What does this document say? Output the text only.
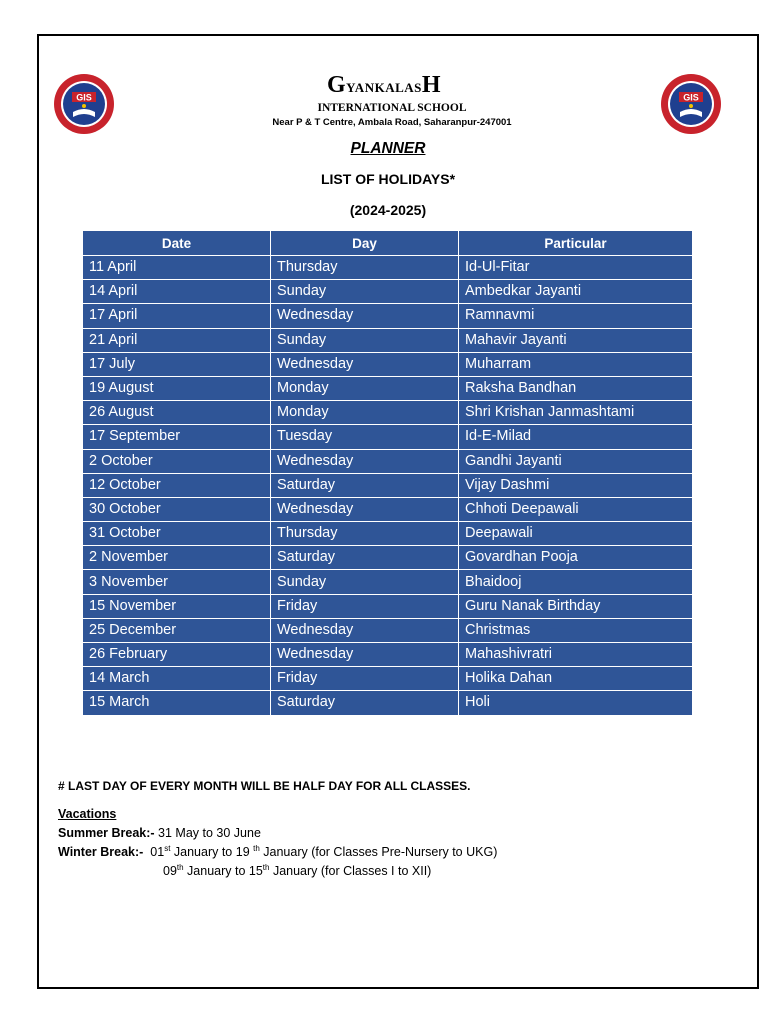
GIS	GIS
GyankalasH
INTERNATIONAL SCHOOL
Near P & T Centre, Ambala Road, Saharanpur-247001
PLANNER
LIST OF HOLIDAYS*
(2024-2025)
Date	Day	Particular
11 April	Thursday	Id-Ul-Fitar
14 April	Sunday	Ambedkar Jayanti
17 April	Wednesday	Ramnavmi
21 April	Sunday	Mahavir Jayanti
17 July	Wednesday	Muharram
19 August	Monday	Raksha Bandhan
26 August	Monday	Shri Krishan Janmashtami
17 September	Tuesday	Id-E-Milad
2 October	Wednesday	Gandhi Jayanti
12 October	Saturday	Vijay Dashmi
30 October	Wednesday	Chhoti Deepawali
31 October	Thursday	Deepawali
2 November	Saturday	Govardhan Pooja
3 November	Sunday	Bhaidooj
15 November	Friday	Guru Nanak Birthday
25 December	Wednesday	Christmas
26 February	Wednesday	Mahashivratri
14 March	Friday	Holika Dahan
15 March	Saturday	Holi
# LAST DAY OF EVERY MONTH WILL BE HALF DAY FOR ALL CLASSES.
Vacations
Summer Break:- 31 May to 30 June
Winter Break:- 01st January to 19 $^{th}$ January (for Classes Pre-Nursery to UKG)
09th January to 15th January (for Classes I to XII)
